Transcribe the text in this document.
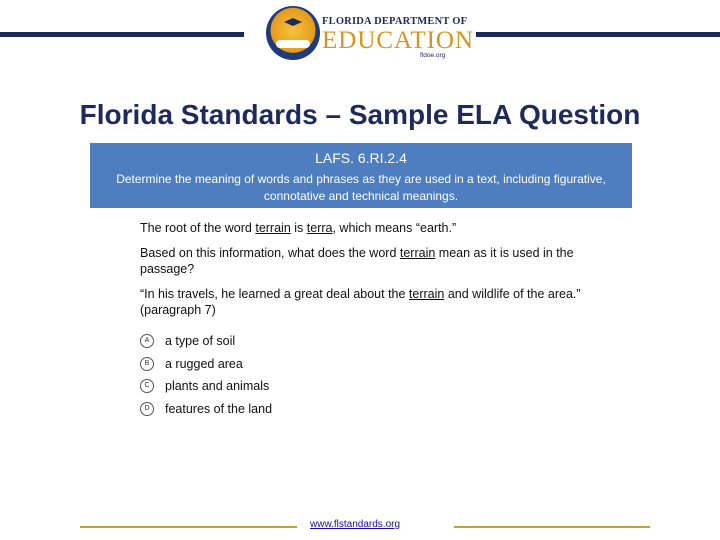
FLORIDA DEPARTMENT OF
EDUCATION
fldoe.org
Florida Standards – Sample ELA Question
LAFS. 6.RI.2.4
Determine the meaning of words and phrases as they are used in a text, including figurative, connotative and technical meanings.

The root of the word terrain is terra, which means “earth.”

Based on this information, what does the word terrain mean as it is used in the passage?

“In his travels, he learned a great deal about the terrain and wildlife of the area.” (paragraph 7)

A	a type of soil
B	a rugged area
C	plants and animals
D	features of the land
www.flstandards.org
